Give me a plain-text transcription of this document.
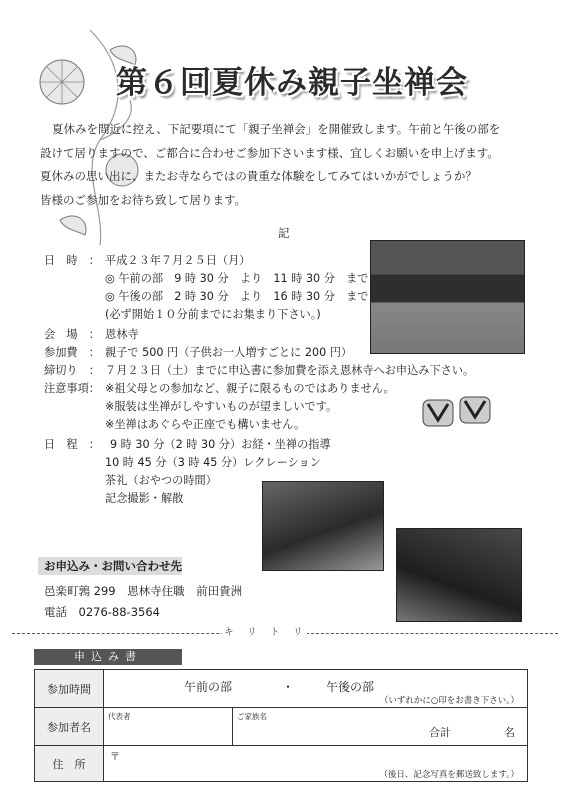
第６回夏休み親子坐禅会
夏休みを間近に控え、下記要項にて「親子坐禅会」を開催致します。午前と午後の部を
設けて居りますので、ご都合に合わせご参加下さいます様、宜しくお願いを申上げます。
夏休みの思い出に、またお寺ならではの貴重な体験をしてみてはいかがでしょうか？
皆様のご参加をお待ち致して居ります。
記
日　時　： 平成２３年７月２５日（月）
◎ 午前の部　9 時 30 分　より　11 時 30 分　まで
◎ 午後の部　2 時 30 分　より　16 時 30 分　まで
(必ず開始１０分前までにお集まり下さい。)
会　場　： 恩林寺
参加費　： 親子で 500 円（子供お一人増すごとに 200 円）
締切り　： ７月２３日（土）までに申込書に参加費を添え恩林寺へお申込み下さい。
注意事項： ※祖父母との参加など、親子に限るものではありません。
※服装は坐禅がしやすいものが望ましいです。
※坐禅はあぐらや正座でも構いません。
日　程　： 9 時 30 分（2 時 30 分）お経・坐禅の指導
10 時 45 分（3 時 45 分）レクレーション
茶礼（おやつの時間）
記念撮影・解散
お申込み・お問い合わせ先
邑楽町鶉 299　恩林寺住職　前田貴洲
電話　0276-88-3564
キ　リ　ト　リ
申込み書
参加時間	午前の部 ・ 午後の部
（いずれかに○印をお書き下さい。）	

参加者名	代表者	ご家族名
合計 名

住　所	〒
（後日、記念写真を郵送致します。）	
